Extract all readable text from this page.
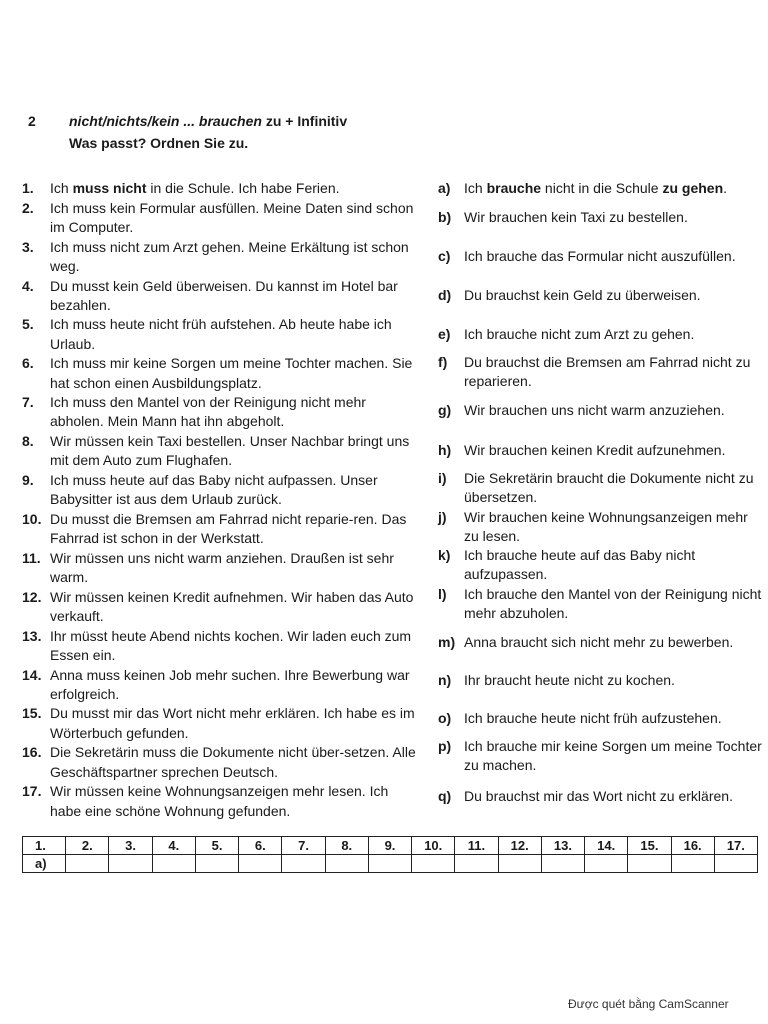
2 nicht/nichts/kein ... brauchen zu + Infinitiv
Was passt? Ordnen Sie zu.
1.	Ich muss nicht in die Schule. Ich habe Ferien.
2.	Ich muss kein Formular ausfüllen. Meine Daten sind schon im Computer.
3.	Ich muss nicht zum Arzt gehen. Meine Erkältung ist schon weg.
4.	Du musst kein Geld überweisen. Du kannst im Hotel bar bezahlen.
5.	Ich muss heute nicht früh aufstehen. Ab heute habe ich Urlaub.
6.	Ich muss mir keine Sorgen um meine Tochter machen. Sie hat schon einen Ausbildungsplatz.
7.	Ich muss den Mantel von der Reinigung nicht mehr abholen. Mein Mann hat ihn abgeholt.
8.	Wir müssen kein Taxi bestellen. Unser Nachbar bringt uns mit dem Auto zum Flughafen.
9.	Ich muss heute auf das Baby nicht aufpassen. Unser Babysitter ist aus dem Urlaub zurück.
10. Du musst die Bremsen am Fahrrad nicht reparie-ren. Das Fahrrad ist schon in der Werkstatt.
11. Wir müssen uns nicht warm anziehen. Draußen ist sehr warm.
12. Wir müssen keinen Kredit aufnehmen. Wir haben das Auto verkauft.
13. Ihr müsst heute Abend nichts kochen. Wir laden euch zum Essen ein.
14. Anna muss keinen Job mehr suchen. Ihre Bewerbung war erfolgreich.
15. Du musst mir das Wort nicht mehr erklären. Ich habe es im Wörterbuch gefunden.
16. Die Sekretärin muss die Dokumente nicht über-setzen. Alle Geschäftspartner sprechen Deutsch.
17. Wir müssen keine Wohnungsanzeigen mehr lesen. Ich habe eine schöne Wohnung gefunden.
a) Ich brauche nicht in die Schule zu gehen.
b) Wir brauchen kein Taxi zu bestellen.
c) Ich brauche das Formular nicht auszufüllen.
d) Du brauchst kein Geld zu überweisen.
e) Ich brauche nicht zum Arzt zu gehen.
f)	Du brauchst die Bremsen am Fahrrad nicht zu reparieren.
g) Wir brauchen uns nicht warm anzuziehen.
h) Wir brauchen keinen Kredit aufzunehmen.
i)	Die Sekretärin braucht die Dokumente nicht zu übersetzen.
j)	Wir brauchen keine Wohnungsanzeigen mehr zu lesen.
k) Ich brauche heute auf das Baby nicht aufzupassen.
l)	Ich brauche den Mantel von der Reinigung nicht mehr abzuholen.
m) Anna braucht sich nicht mehr zu bewerben.
n) Ihr braucht heute nicht zu kochen.
o) Ich brauche heute nicht früh aufzustehen.
p) Ich brauche mir keine Sorgen um meine Tochter zu machen.
q) Du brauchst mir das Wort nicht zu erklären.
1.	2.	3.	4.	5.	6.	7.	8.	9.	10.	11.	12.	13.	14.	15.	16.	17.
a)																
Được quét bằng CamScanner
